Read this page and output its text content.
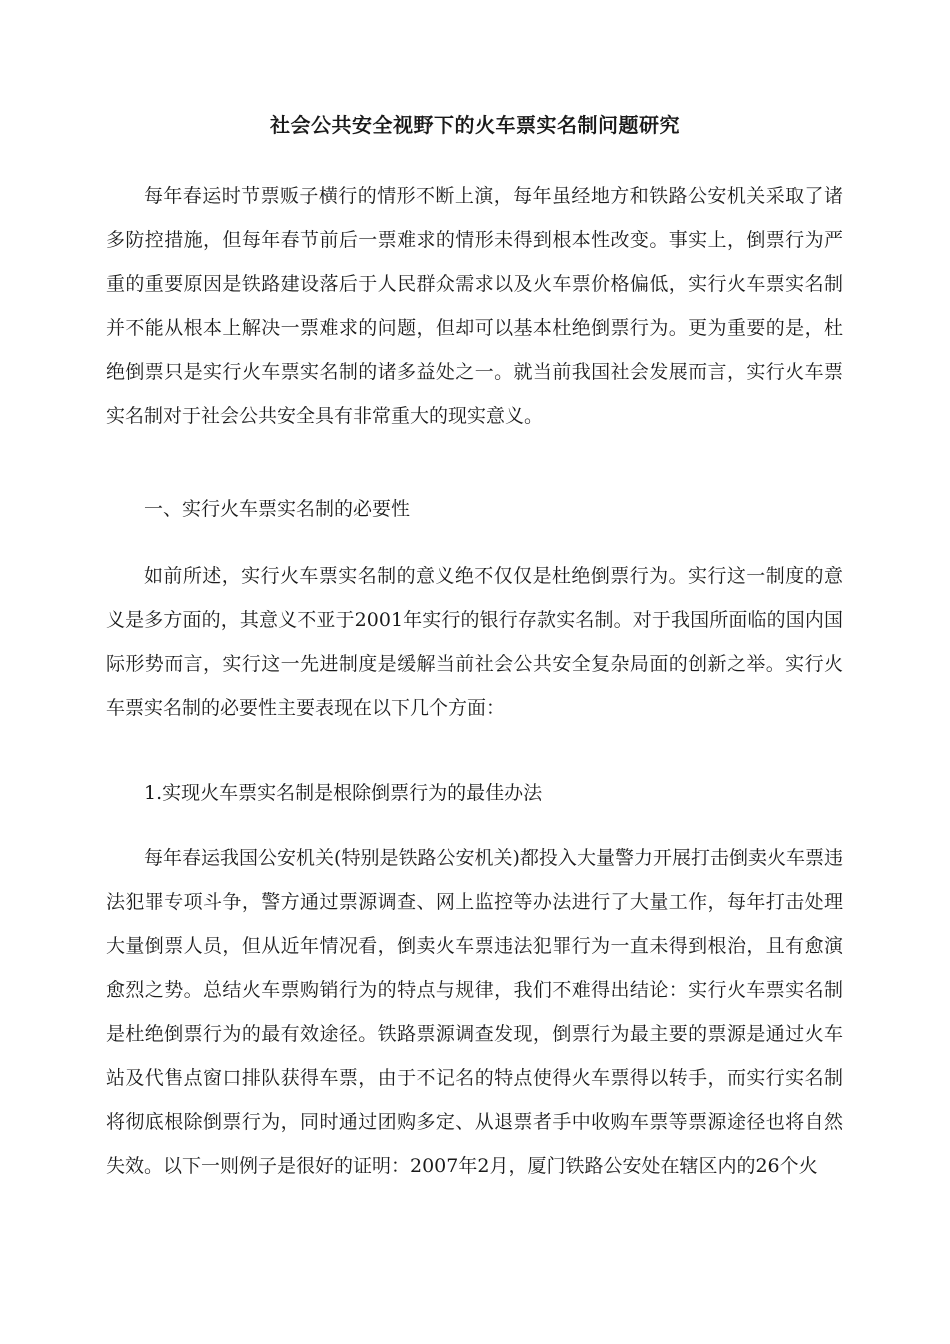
社会公共安全视野下的火车票实名制问题研究

每年春运时节票贩子横行的情形不断上演，每年虽经地方和铁路公安机关采取了诸多防控措施，但每年春节前后一票难求的情形未得到根本性改变。事实上，倒票行为严重的重要原因是铁路建设落后于人民群众需求以及火车票价格偏低，实行火车票实名制并不能从根本上解决一票难求的问题，但却可以基本杜绝倒票行为。更为重要的是，杜绝倒票只是实行火车票实名制的诸多益处之一。就当前我国社会发展而言，实行火车票实名制对于社会公共安全具有非常重大的现实意义。

一、实行火车票实名制的必要性

如前所述，实行火车票实名制的意义绝不仅仅是杜绝倒票行为。实行这一制度的意义是多方面的，其意义不亚于2001年实行的银行存款实名制。对于我国所面临的国内国际形势而言，实行这一先进制度是缓解当前社会公共安全复杂局面的创新之举。实行火车票实名制的必要性主要表现在以下几个方面：

1.实现火车票实名制是根除倒票行为的最佳办法

每年春运我国公安机关(特别是铁路公安机关)都投入大量警力开展打击倒卖火车票违法犯罪专项斗争，警方通过票源调查、网上监控等办法进行了大量工作，每年打击处理大量倒票人员，但从近年情况看，倒卖火车票违法犯罪行为一直未得到根治，且有愈演愈烈之势。总结火车票购销行为的特点与规律，我们不难得出结论：实行火车票实名制是杜绝倒票行为的最有效途径。铁路票源调查发现，倒票行为最主要的票源是通过火车站及代售点窗口排队获得车票，由于不记名的特点使得火车票得以转手，而实行实名制将彻底根除倒票行为，同时通过团购多定、从退票者手中收购车票等票源途径也将自然失效。以下一则例子是很好的证明：2007年2月，厦门铁路公安处在辖区内的26个火
